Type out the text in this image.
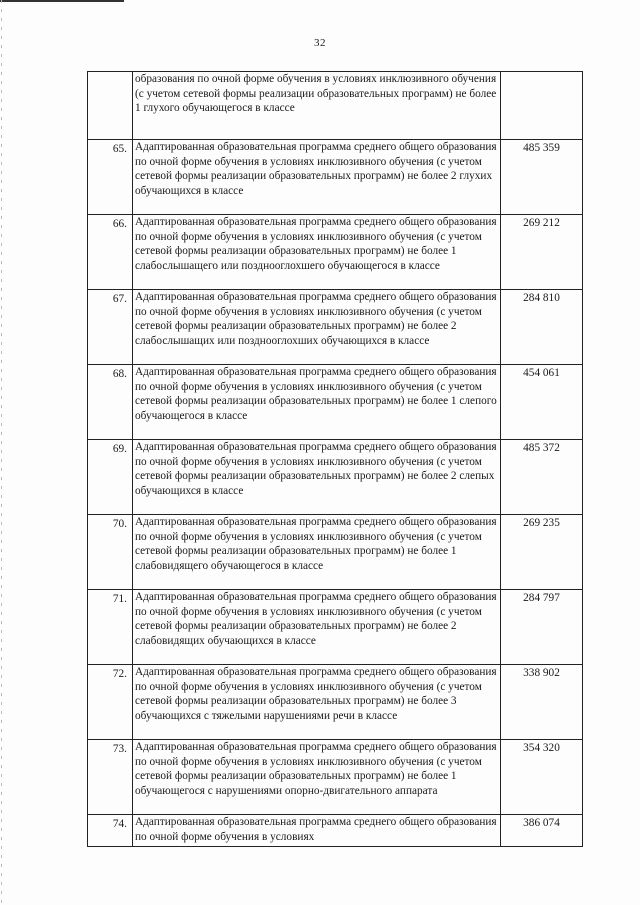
32
	образования по очной форме обучения в условиях инклюзивного обучения (с учетом сетевой формы реализации образовательных программ) не более 1 глухого обучающегося в классе	
65.	Адаптированная образовательная программа среднего общего образования по очной форме обучения в условиях инклюзивного обучения (с учетом сетевой формы реализации образовательных программ) не более 2 глухих обучающихся в классе	485 359
66.	Адаптированная образовательная программа среднего общего образования по очной форме обучения в условиях инклюзивного обучения (с учетом сетевой формы реализации образовательных программ) не более 1 слабослышащего или позднооглохшего обучающегося в классе	269 212
67.	Адаптированная образовательная программа среднего общего образования по очной форме обучения в условиях инклюзивного обучения (с учетом сетевой формы реализации образовательных программ) не более 2 слабослышащих или позднооглохших обучающихся в классе	284 810
68.	Адаптированная образовательная программа среднего общего образования по очной форме обучения в условиях инклюзивного обучения (с учетом сетевой формы реализации образовательных программ) не более 1 слепого обучающегося в классе	454 061
69.	Адаптированная образовательная программа среднего общего образования по очной форме обучения в условиях инклюзивного обучения (с учетом сетевой формы реализации образовательных программ) не более 2 слепых обучающихся в классе	485 372
70.	Адаптированная образовательная программа среднего общего образования по очной форме обучения в условиях инклюзивного обучения (с учетом сетевой формы реализации образовательных программ) не более 1 слабовидящего обучающегося в классе	269 235
71.	Адаптированная образовательная программа среднего общего образования по очной форме обучения в условиях инклюзивного обучения (с учетом сетевой формы реализации образовательных программ) не более 2 слабовидящих обучающихся в классе	284 797
72.	Адаптированная образовательная программа среднего общего образования по очной форме обучения в условиях инклюзивного обучения (с учетом сетевой формы реализации образовательных программ) не более 3 обучающихся с тяжелыми нарушениями речи в классе	338 902
73.	Адаптированная образовательная программа среднего общего образования по очной форме обучения в условиях инклюзивного обучения (с учетом сетевой формы реализации образовательных программ) не более 1 обучающегося с нарушениями опорно-двигательного аппарата	354 320
74.	Адаптированная образовательная программа среднего общего образования по очной форме обучения в условиях	386 074
